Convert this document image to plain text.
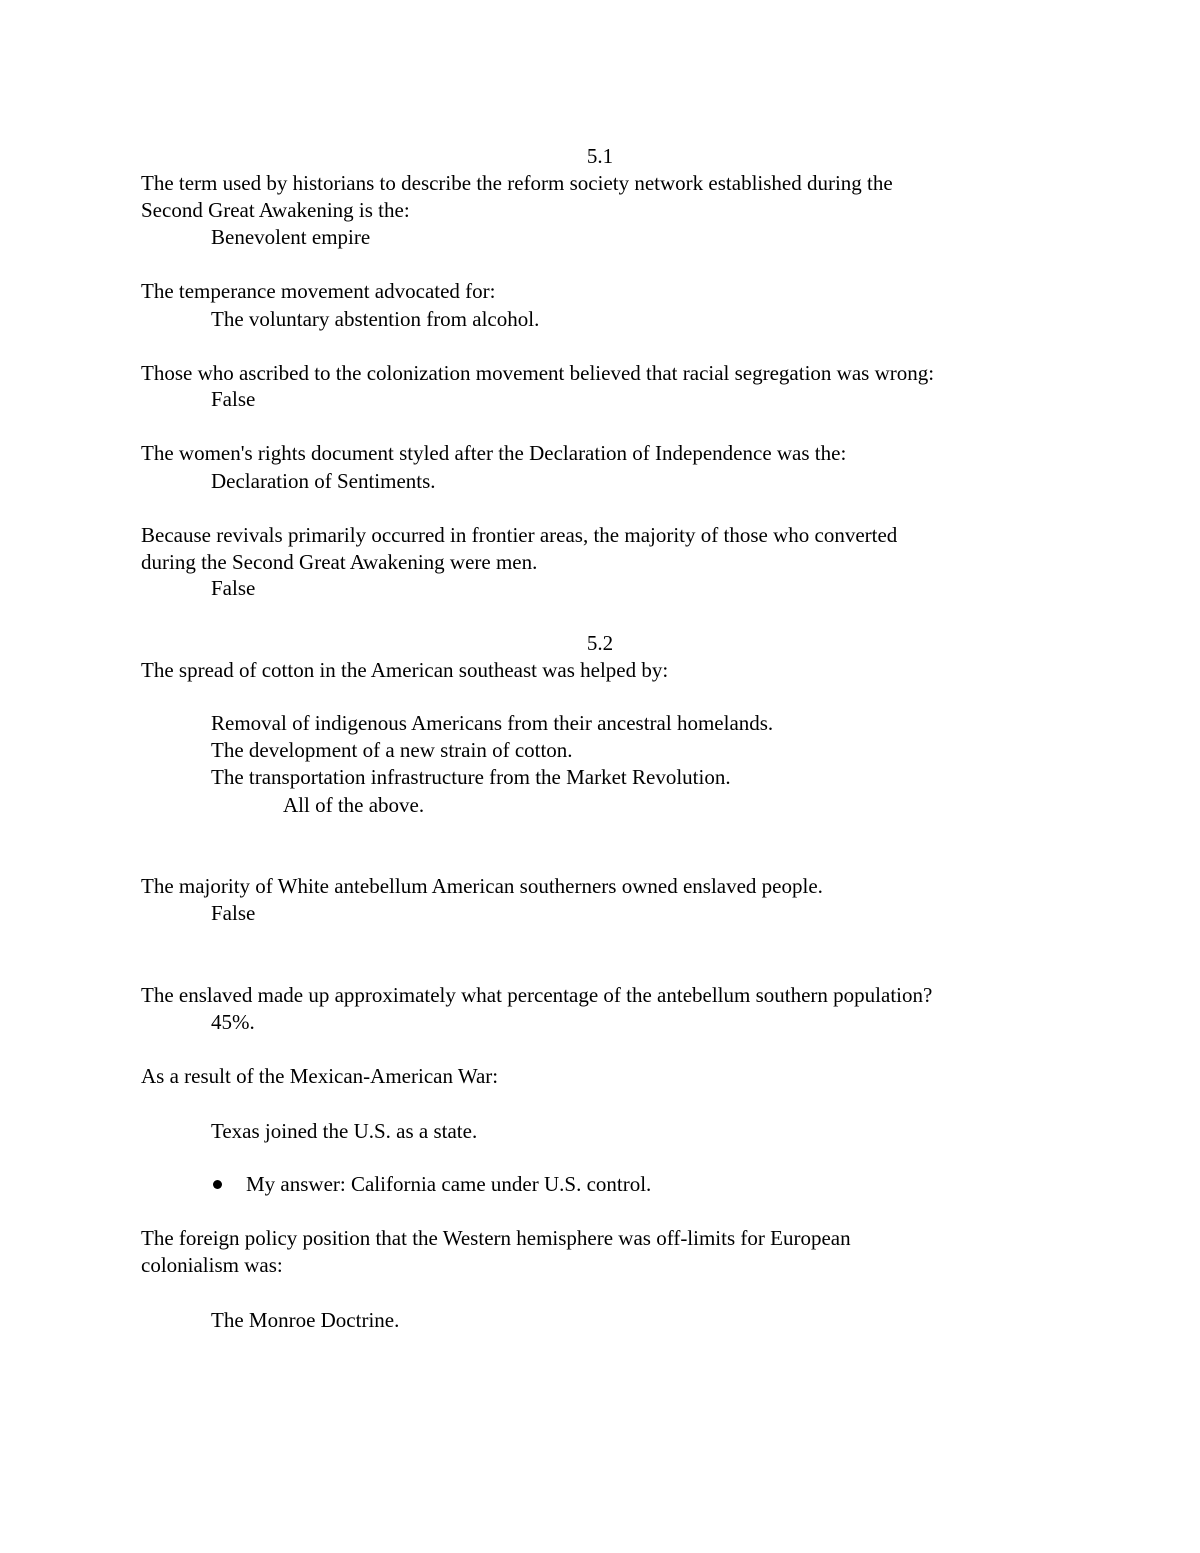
5.1
The term used by historians to describe the reform society network established during the
Second Great Awakening is the:
Benevolent empire
The temperance movement advocated for:
The voluntary abstention from alcohol.
Those who ascribed to the colonization movement believed that racial segregation was wrong:
False
The women's rights document styled after the Declaration of Independence was the:
Declaration of Sentiments.
Because revivals primarily occurred in frontier areas, the majority of those who converted
during the Second Great Awakening were men.
False
5.2
The spread of cotton in the American southeast was helped by:
Removal of indigenous Americans from their ancestral homelands.
The development of a new strain of cotton.
The transportation infrastructure from the Market Revolution.
All of the above.
The majority of White antebellum American southerners owned enslaved people.
False
The enslaved made up approximately what percentage of the antebellum southern population?
45%.
As a result of the Mexican-American War:
Texas joined the U.S. as a state.
My answer: California came under U.S. control.
The foreign policy position that the Western hemisphere was off-limits for European
colonialism was:
The Monroe Doctrine.
